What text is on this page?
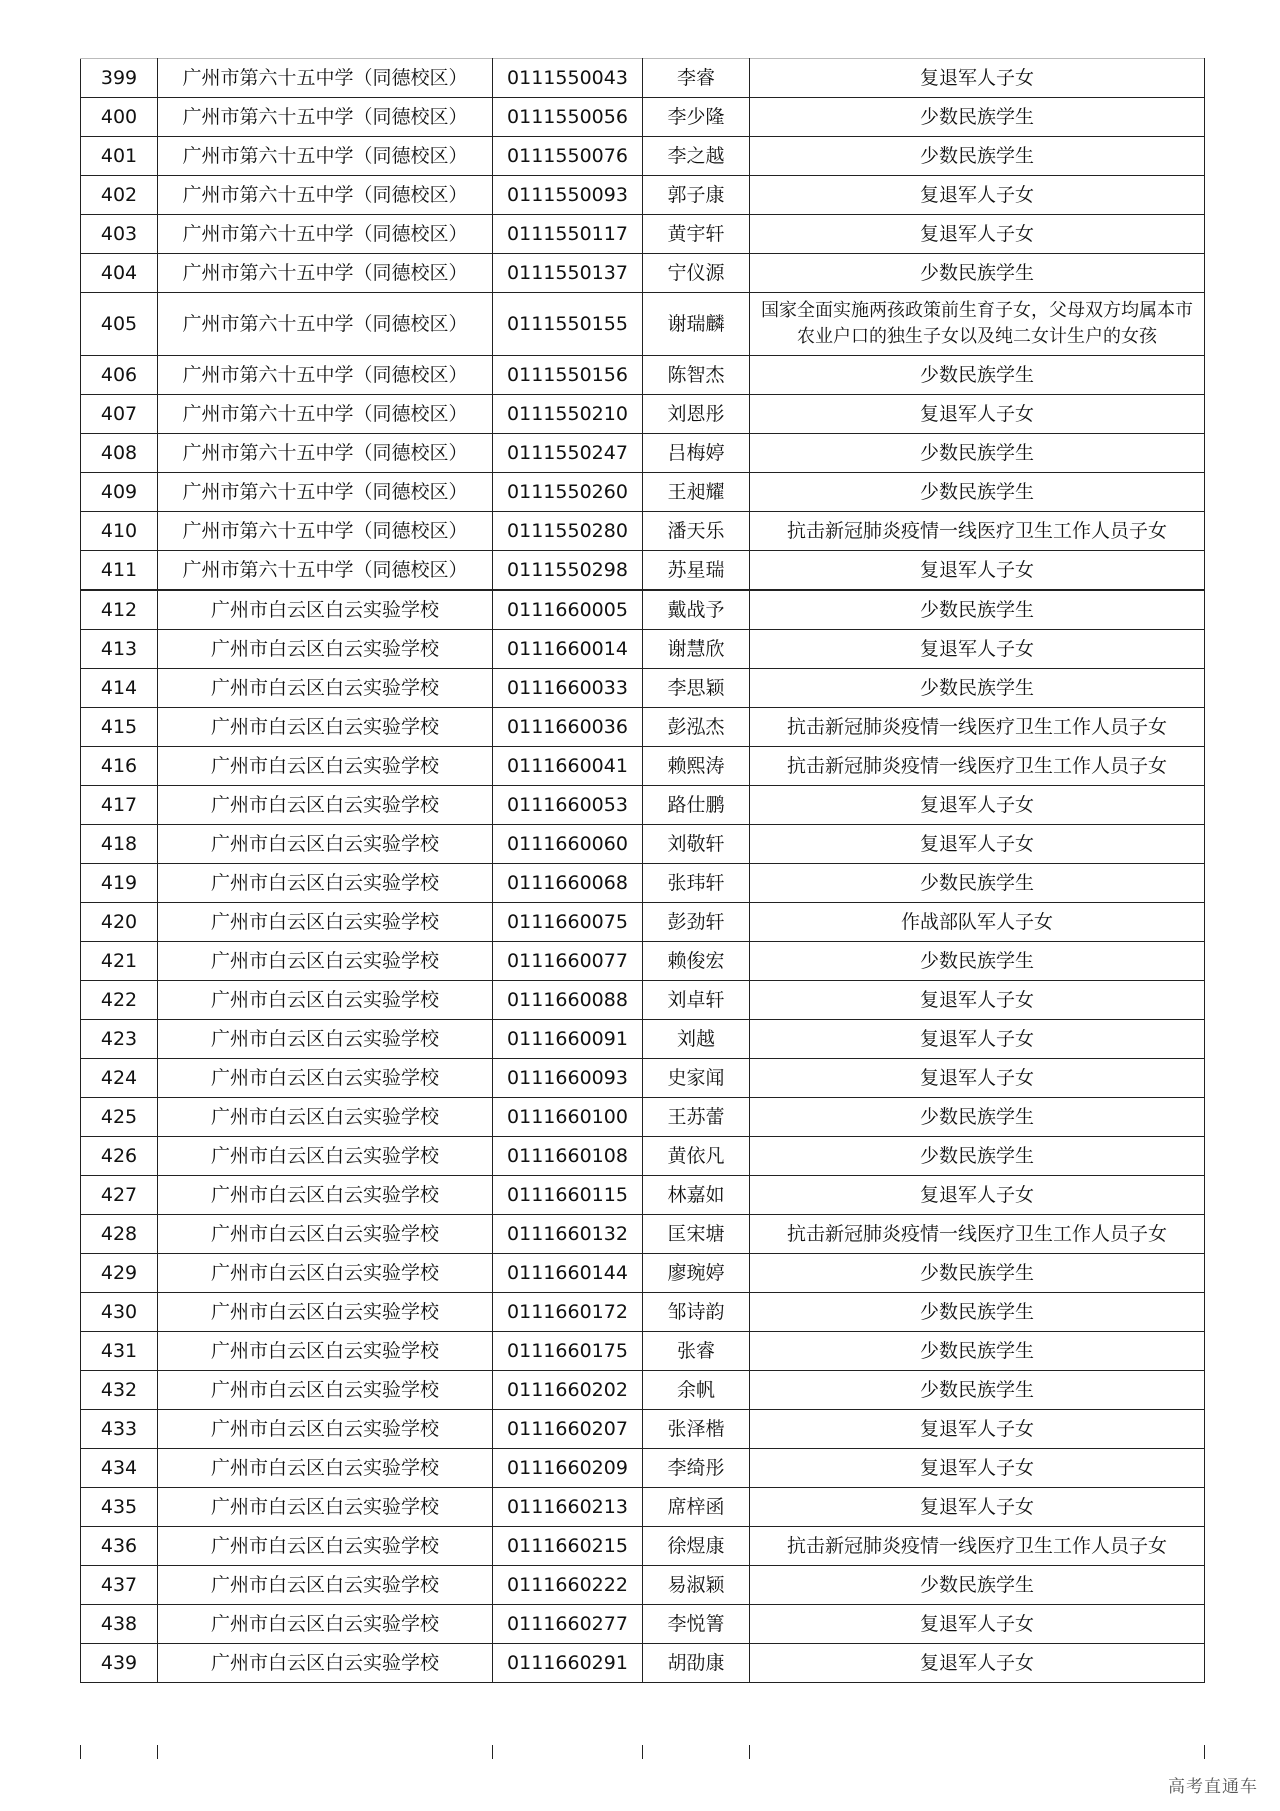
399	广州市第六十五中学（同德校区）	0111550043	李睿	复退军人子女
400	广州市第六十五中学（同德校区）	0111550056	李少隆	少数民族学生
401	广州市第六十五中学（同德校区）	0111550076	李之越	少数民族学生
402	广州市第六十五中学（同德校区）	0111550093	郭子康	复退军人子女
403	广州市第六十五中学（同德校区）	0111550117	黄宇轩	复退军人子女
404	广州市第六十五中学（同德校区）	0111550137	宁仪源	少数民族学生
405	广州市第六十五中学（同德校区）	0111550155	谢瑞麟	国家全面实施两孩政策前生育子女，父母双方均属本市农业户口的独生子女以及纯二女计生户的女孩
406	广州市第六十五中学（同德校区）	0111550156	陈智杰	少数民族学生
407	广州市第六十五中学（同德校区）	0111550210	刘恩彤	复退军人子女
408	广州市第六十五中学（同德校区）	0111550247	吕梅婷	少数民族学生
409	广州市第六十五中学（同德校区）	0111550260	王昶耀	少数民族学生
410	广州市第六十五中学（同德校区）	0111550280	潘天乐	抗击新冠肺炎疫情一线医疗卫生工作人员子女
411	广州市第六十五中学（同德校区）	0111550298	苏星瑞	复退军人子女
412	广州市白云区白云实验学校	0111660005	戴战予	少数民族学生
413	广州市白云区白云实验学校	0111660014	谢慧欣	复退军人子女
414	广州市白云区白云实验学校	0111660033	李思颖	少数民族学生
415	广州市白云区白云实验学校	0111660036	彭泓杰	抗击新冠肺炎疫情一线医疗卫生工作人员子女
416	广州市白云区白云实验学校	0111660041	赖熙涛	抗击新冠肺炎疫情一线医疗卫生工作人员子女
417	广州市白云区白云实验学校	0111660053	路仕鹏	复退军人子女
418	广州市白云区白云实验学校	0111660060	刘敬轩	复退军人子女
419	广州市白云区白云实验学校	0111660068	张玮轩	少数民族学生
420	广州市白云区白云实验学校	0111660075	彭劲轩	作战部队军人子女
421	广州市白云区白云实验学校	0111660077	赖俊宏	少数民族学生
422	广州市白云区白云实验学校	0111660088	刘卓轩	复退军人子女
423	广州市白云区白云实验学校	0111660091	刘越	复退军人子女
424	广州市白云区白云实验学校	0111660093	史家闻	复退军人子女
425	广州市白云区白云实验学校	0111660100	王苏蕾	少数民族学生
426	广州市白云区白云实验学校	0111660108	黄依凡	少数民族学生
427	广州市白云区白云实验学校	0111660115	林嘉如	复退军人子女
428	广州市白云区白云实验学校	0111660132	匡宋塘	抗击新冠肺炎疫情一线医疗卫生工作人员子女
429	广州市白云区白云实验学校	0111660144	廖琬婷	少数民族学生
430	广州市白云区白云实验学校	0111660172	邹诗韵	少数民族学生
431	广州市白云区白云实验学校	0111660175	张睿	少数民族学生
432	广州市白云区白云实验学校	0111660202	余帆	少数民族学生
433	广州市白云区白云实验学校	0111660207	张泽楷	复退军人子女
434	广州市白云区白云实验学校	0111660209	李绮彤	复退军人子女
435	广州市白云区白云实验学校	0111660213	席梓函	复退军人子女
436	广州市白云区白云实验学校	0111660215	徐煜康	抗击新冠肺炎疫情一线医疗卫生工作人员子女
437	广州市白云区白云实验学校	0111660222	易淑颖	少数民族学生
438	广州市白云区白云实验学校	0111660277	李悦箐	复退军人子女
439	广州市白云区白云实验学校	0111660291	胡劭康	复退军人子女
高考直通车
